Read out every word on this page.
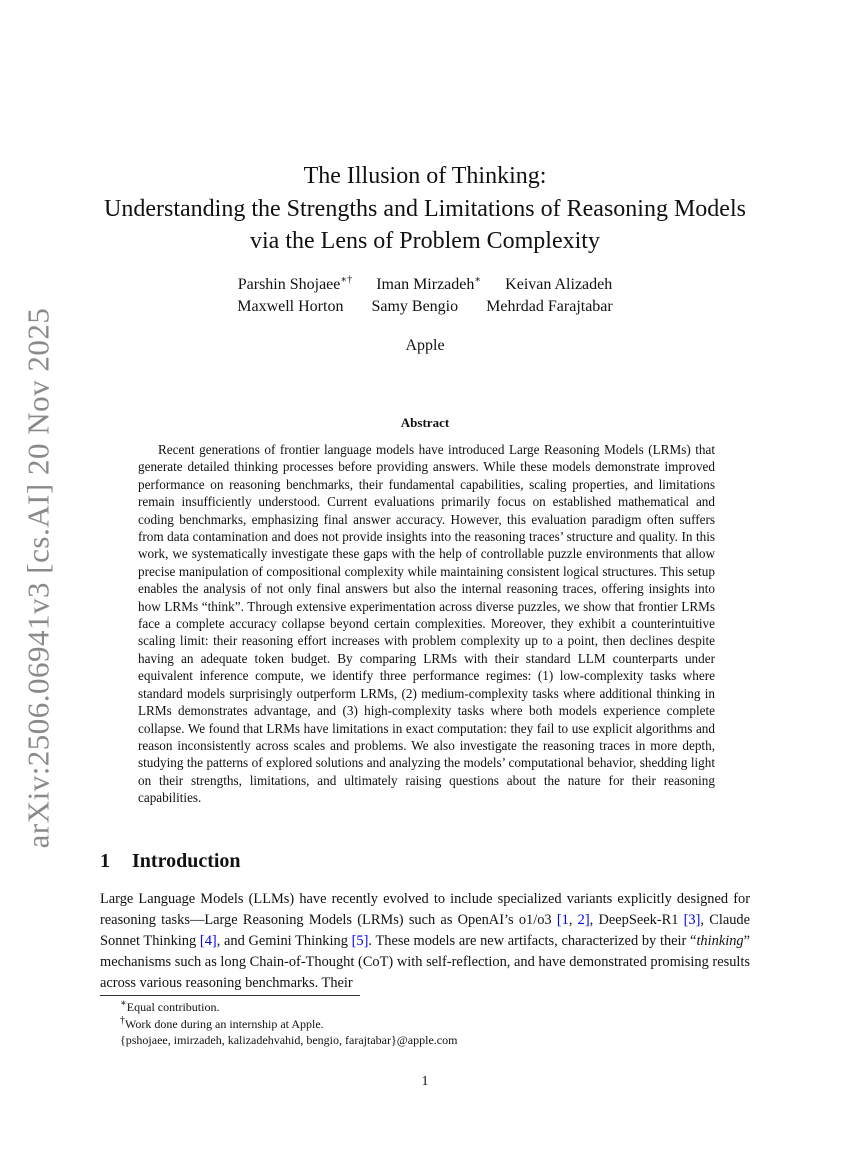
arXiv:2506.06941v3 [cs.AI] 20 Nov 2025
The Illusion of Thinking:
Understanding the Strengths and Limitations of Reasoning Models
via the Lens of Problem Complexity
Parshin Shojaee∗† Iman Mirzadeh∗ Keivan Alizadeh
Maxwell Horton Samy Bengio Mehrdad Farajtabar
Apple
Abstract

Recent generations of frontier language models have introduced Large Reasoning Models (LRMs) that generate detailed thinking processes before providing answers. While these models demonstrate improved performance on reasoning benchmarks, their fundamental capabilities, scaling properties, and limitations remain insufficiently understood. Current evaluations primarily focus on established mathematical and coding benchmarks, emphasizing final answer accuracy. However, this evaluation paradigm often suffers from data contamination and does not provide insights into the reasoning traces’ structure and quality. In this work, we systematically investigate these gaps with the help of controllable puzzle environments that allow precise manipulation of compositional complexity while maintaining consistent logical structures. This setup enables the analysis of not only final answers but also the internal reasoning traces, offering insights into how LRMs “think”. Through extensive experimentation across diverse puzzles, we show that frontier LRMs face a complete accuracy collapse beyond certain complexities. Moreover, they exhibit a counterintuitive scaling limit: their reasoning effort increases with problem complexity up to a point, then declines despite having an adequate token budget. By comparing LRMs with their standard LLM counterparts under equivalent inference compute, we identify three performance regimes: (1) low-complexity tasks where standard models surprisingly outperform LRMs, (2) medium-complexity tasks where additional thinking in LRMs demonstrates advantage, and (3) high-complexity tasks where both models experience complete collapse. We found that LRMs have limitations in exact computation: they fail to use explicit algorithms and reason inconsistently across scales and problems. We also investigate the reasoning traces in more depth, studying the patterns of explored solutions and analyzing the models’ computational behavior, shedding light on their strengths, limitations, and ultimately raising questions about the nature for their reasoning capabilities.

1 Introduction

Large Language Models (LLMs) have recently evolved to include specialized variants explicitly designed for reasoning tasks—Large Reasoning Models (LRMs) such as OpenAI’s o1/o3 [1, 2], DeepSeek-R1 [3], Claude Sonnet Thinking [4], and Gemini Thinking [5]. These models are new artifacts, characterized by their “thinking” mechanisms such as long Chain-of-Thought (CoT) with self-reflection, and have demonstrated promising results across various reasoning benchmarks. Their

∗Equal contribution.
†Work done during an internship at Apple.
{pshojaee, imirzadeh, kalizadehvahid, bengio, farajtabar}@apple.com
1
